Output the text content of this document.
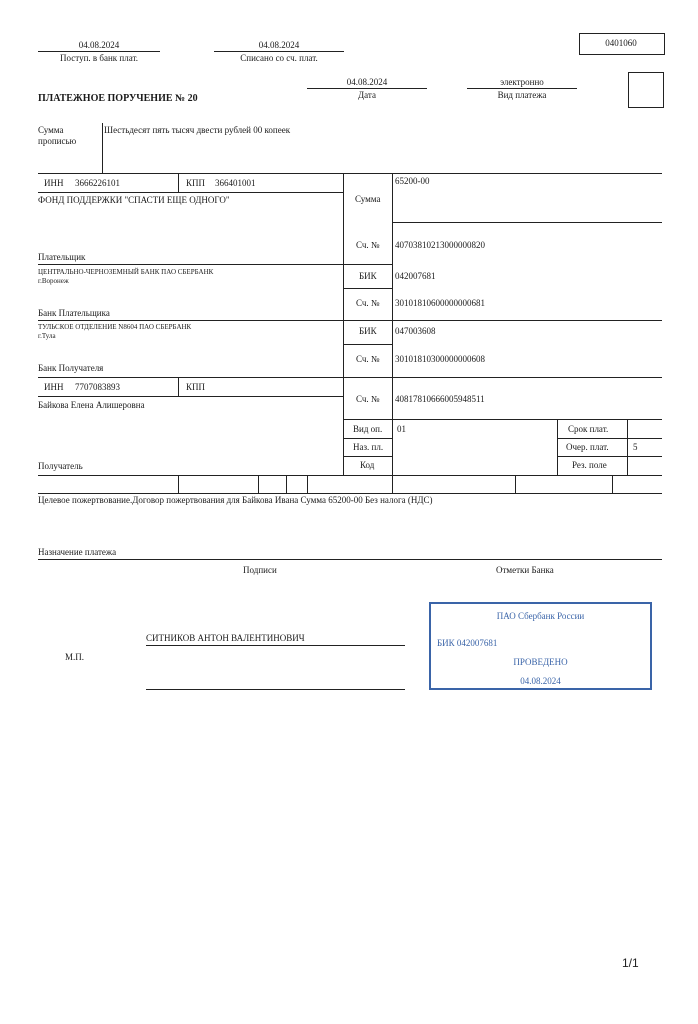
04.08.2024
Поступ. в банк плат.
04.08.2024
Списано со сч. плат.
0401060
04.08.2024
Дата
электронно
Вид платежа
ПЛАТЕЖНОЕ ПОРУЧЕНИЕ № 20
Сумма
прописью
Шестьдесят пять тысяч двести рублей 00 копеек
ИНН 3666226101	КПП 366401001
ФОНД ПОДДЕРЖКИ "СПАСТИ ЕЩЕ ОДНОГО"
Плательщик
Сумма
65200-00
Сч. № 40703810213000000820
ЦЕНТРАЛЬНО-ЧЕРНОЗЕМНЫЙ БАНК ПАО СБЕРБАНК
г.Воронеж
Банк Плательщика
БИК 042007681
Сч. № 30101810600000000681
ТУЛЬСКОЕ ОТДЕЛЕНИЕ N8604 ПАО СБЕРБАНК
г.Тула
Банк Получателя
БИК 047003608
Сч. № 30101810300000000608
ИНН 7707083893	КПП
Байкова Елена Алишеровна
Получатель
Сч. № 40817810666005948511
Вид оп. 01
Наз. пл.
Код
Срок плат.
Очер. плат.	5
Рез. поле
Целевое пожертвование.Договор пожертвования для Байкова Ивана Сумма 65200-00 Без налога (НДС)
Назначение платежа
Подписи	Отметки Банка
СИТНИКОВ АНТОН ВАЛЕНТИНОВИЧ
М.П.
ПАО Сбербанк России
БИК 042007681
ПРОВЕДЕНО
04.08.2024
1/1
